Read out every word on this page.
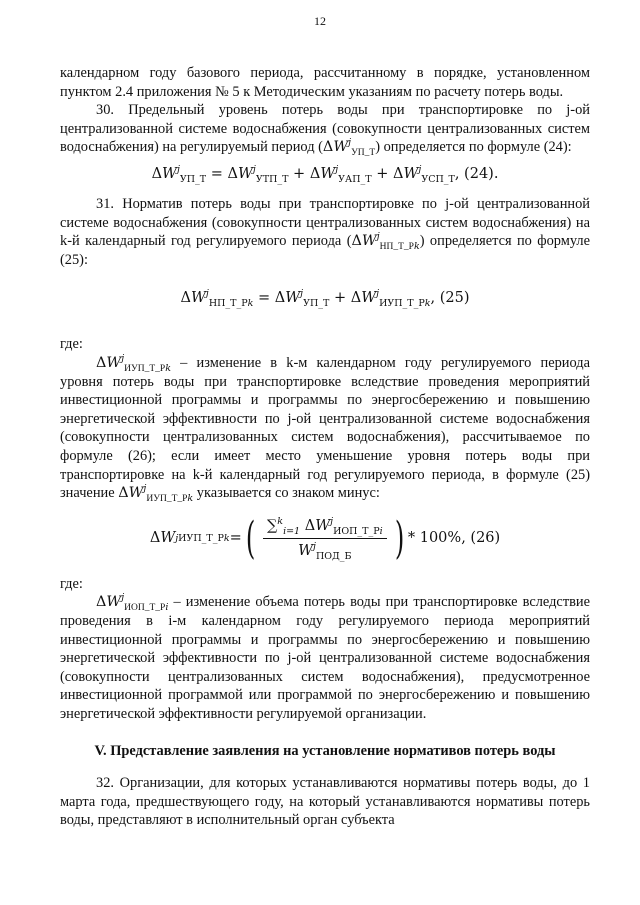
12

календарном году базового периода, рассчитанному в порядке, установленном пунктом 2.4 приложения № 5 к Методическим указаниям по расчету потерь воды.

30. Предельный уровень потерь воды при транспортировке по j-ой централизованной системе водоснабжения (совокупности централизованных систем водоснабжения) на регулируемый период $(\Delta W^j_{УП\_Т})$ определяется по формуле (24):

$\Delta W^j_{УП\_Т} = \Delta W^j_{УТП\_Т} + \Delta W^j_{УАП\_Т} + \Delta W^j_{УСП\_Т}$, (24).

31. Норматив потерь воды при транспортировке по j-ой централизованной системе водоснабжения (совокупности централизованных систем водоснабжения) на k-й календарный год регулируемого периода $(\Delta W^j_{НП\_Т\_Рk})$ определяется по формуле (25):

$\Delta W^j_{НП\_Т\_Рk} = \Delta W^j_{УП\_Т} + \Delta W^j_{ИУП\_Т\_Рk}$, (25)

где:

$\Delta W^j_{ИУП\_Т\_Рk}$ – изменение в k-м календарном году регулируемого периода уровня потерь воды при транспортировке вследствие проведения мероприятий инвестиционной программы и программы по энергосбережению и повышению энергетической эффективности по j-ой централизованной системе водоснабжения (совокупности централизованных систем водоснабжения), рассчитываемое по формуле (26); если имеет место уменьшение уровня потерь воды при транспортировке на k-й календарный год регулируемого периода, в формуле (25) значение $\Delta W^j_{ИУП\_Т\_Рk}$ указывается со знаком минус:

Δ W j ИУП_Т_Рk = ( $\frac{\sum^k_{i=1} \Delta W^j_{ИОП\_Т\_Рi}}{W^j_{ПОД\_Б}}$ ) * 100%, (26)

где:

$\Delta W^j_{ИОП\_Т\_Рi}$ – изменение объема потерь воды при транспортировке вследствие проведения в i-м календарном году регулируемого периода мероприятий инвестиционной программы и программы по энергосбережению и повышению энергетической эффективности по j-ой централизованной системе водоснабжения (совокупности централизованных систем водоснабжения), предусмотренное инвестиционной программой или программой по энергосбережению и повышению энергетической эффективности регулируемой организации.

V. Представление заявления на установление нормативов потерь воды

32. Организации, для которых устанавливаются нормативы потерь воды, до 1 марта года, предшествующего году, на который устанавливаются нормативы потерь воды, представляют в исполнительный орган субъекта
